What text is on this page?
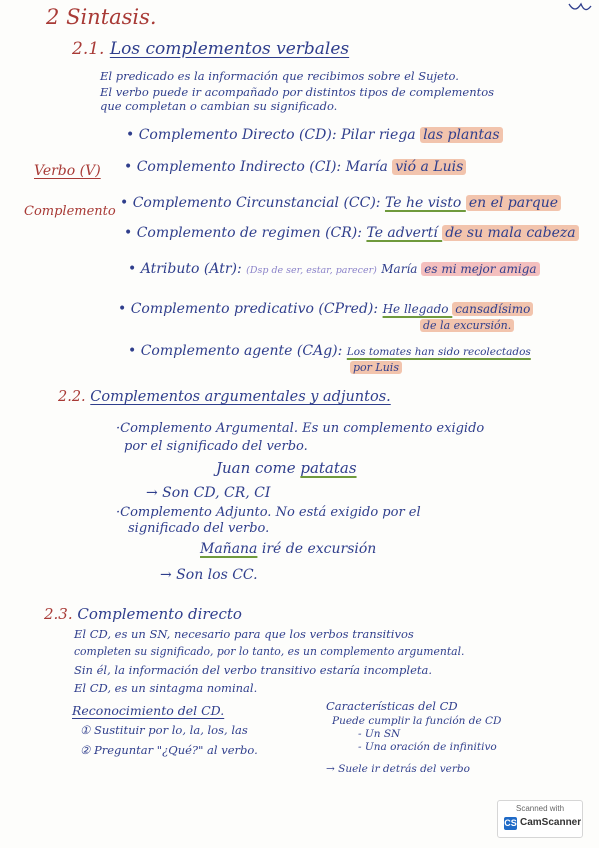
2 Sintasis.
2.1. Los complementos verbales
El predicado es la información que recibimos sobre el Sujeto.
El verbo puede ir acompañado por distintos tipos de complementos
que completan o cambian su significado.
Verbo (V)
Complemento
• Complemento Directo (CD): Pilar riega las plantas
• Complemento Indirecto (CI): María vió a Luis
• Complemento Circunstancial (CC): Te he visto en el parque
• Complemento de regimen (CR): Te advertí de su mala cabeza
• Atributo (Atr): (Dsp de ser, estar, parecer) María es mi mejor amiga
• Complemento predicativo (CPred): He llegado cansadísimo
de la excursión.
• Complemento agente (CAg): Los tomates han sido recolectados
por Luis
2.2. Complementos argumentales y adjuntos.
·Complemento Argumental. Es un complemento exigido
por el significado del verbo.
Juan come patatas
→ Son CD, CR, CI
·Complemento Adjunto. No está exigido por el
significado del verbo.
Mañana iré de excursión
→ Son los CC.
2.3. Complemento directo
El CD, es un SN, necesario para que los verbos transitivos
completen su significado, por lo tanto, es un complemento argumental.
Sin él, la información del verbo transitivo estaría incompleta.
El CD, es un sintagma nominal.
Reconocimiento del CD.
① Sustituir por lo, la, los, las
② Preguntar "¿Qué?" al verbo.
Características del CD
Puede cumplir la función de CD
- Un SN
- Una oración de infinitivo
→ Suele ir detrás del verbo
Scanned with
CS CamScanner
